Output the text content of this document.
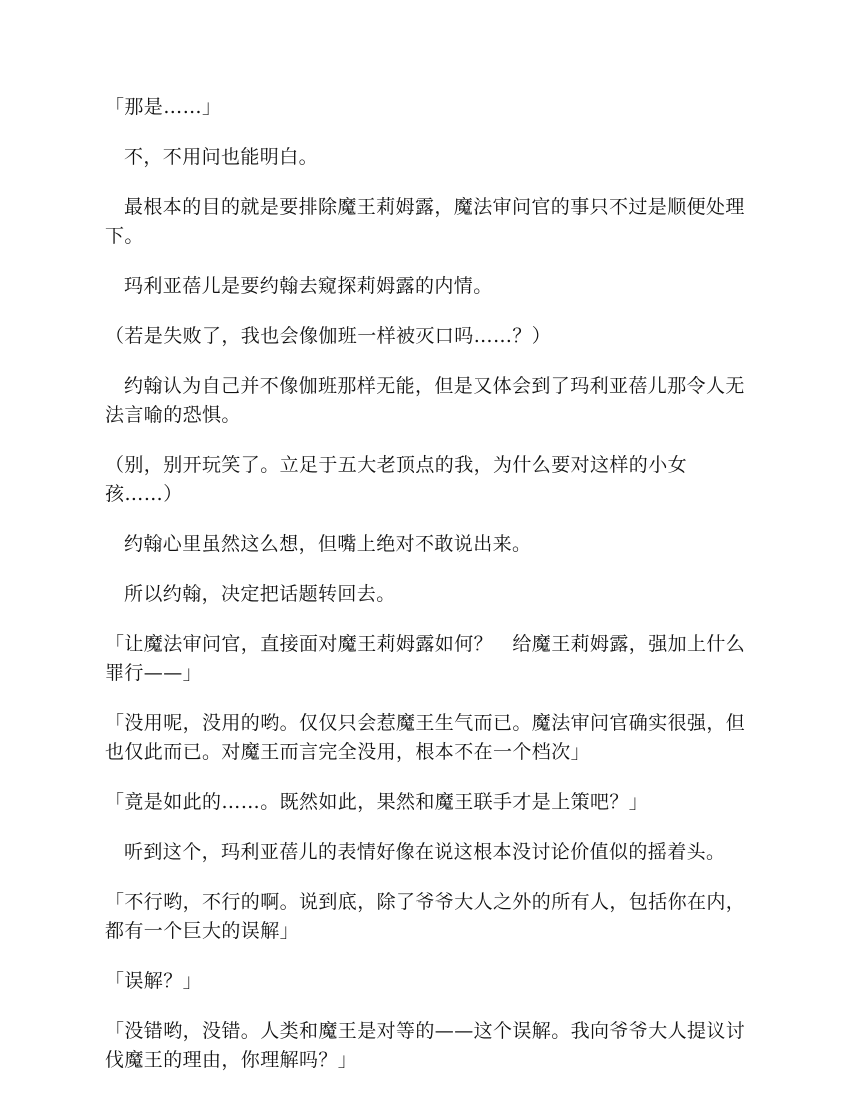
「那是……」

不，不用问也能明白。

最根本的目的就是要排除魔王莉姆露，魔法审问官的事只不过是顺便处理下。

玛利亚蓓儿是要约翰去窥探莉姆露的内情。

（若是失败了，我也会像伽班一样被灭口吗……？）

约翰认为自己并不像伽班那样无能，但是又体会到了玛利亚蓓儿那令人无法言喻的恐惧。

（别，别开玩笑了。立足于五大老顶点的我，为什么要对这样的小女孩……）

约翰心里虽然这么想，但嘴上绝对不敢说出来。

所以约翰，决定把话题转回去。

「让魔法审问官，直接面对魔王莉姆露如何？　给魔王莉姆露，强加上什么罪行——」

「没用呢，没用的哟。仅仅只会惹魔王生气而已。魔法审问官确实很强，但也仅此而已。对魔王而言完全没用，根本不在一个档次」

「竟是如此的……。既然如此，果然和魔王联手才是上策吧？」

听到这个，玛利亚蓓儿的表情好像在说这根本没讨论价值似的摇着头。

「不行哟，不行的啊。说到底，除了爷爷大人之外的所有人，包括你在内，都有一个巨大的误解」

「误解？」

「没错哟，没错。人类和魔王是对等的——这个误解。我向爷爷大人提议讨伐魔王的理由，你理解吗？」
